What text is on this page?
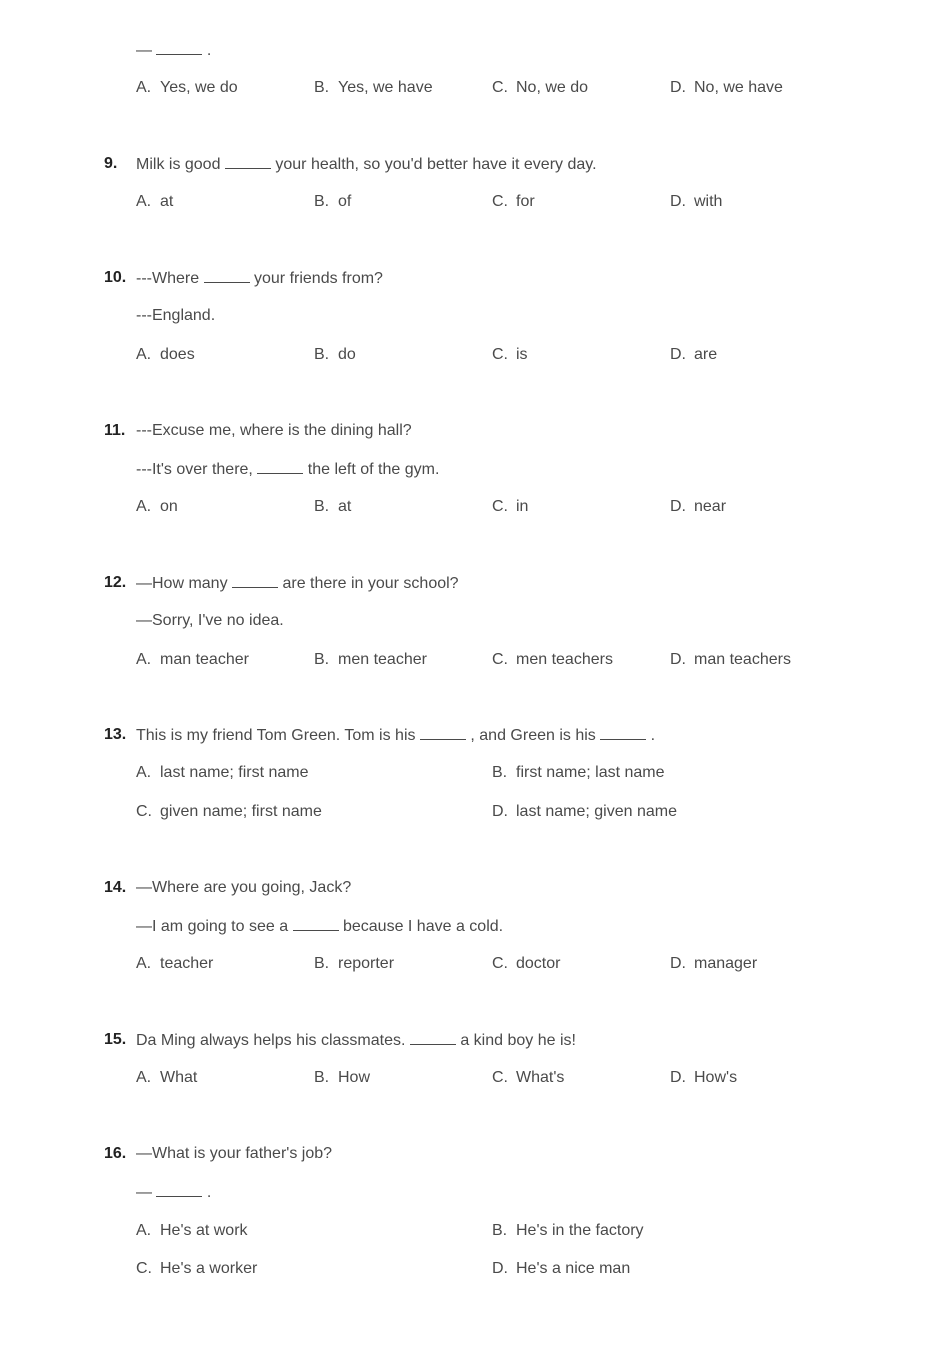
—	.
A. Yes, we do	B. Yes, we have	C. No, we do	D. No, we have
9.	Milk is good	your health, so you'd better have it every day.
A. at	B. of	C. for	D. with
10. ---Where	your friends from?
---England.
A. does	B. do	C. is	D. are
11. ---Excuse me, where is the dining hall?
---It's over there,	the left of the gym.
A. on	B. at	C. in	D. near
12. —How many	are there in your school?
—Sorry, I've no idea.
A. man teacher	B. men teacher	C. men teachers	D. man teachers
13. This is my friend Tom Green. Tom is his	, and Green is his	.
A. last name; first name	B. first name; last name
C. given name; first name	D. last name; given name
14. —Where are you going, Jack?
—I am going to see a	because I have a cold.
A. teacher	B. reporter	C. doctor	D. manager
15. Da Ming always helps his classmates.	a kind boy he is!
A. What	B. How	C. What's	D. How's
16. —What is your father's job?
—	.
A. He's at work	B. He's in the factory
C. He's a worker	D. He's a nice man
